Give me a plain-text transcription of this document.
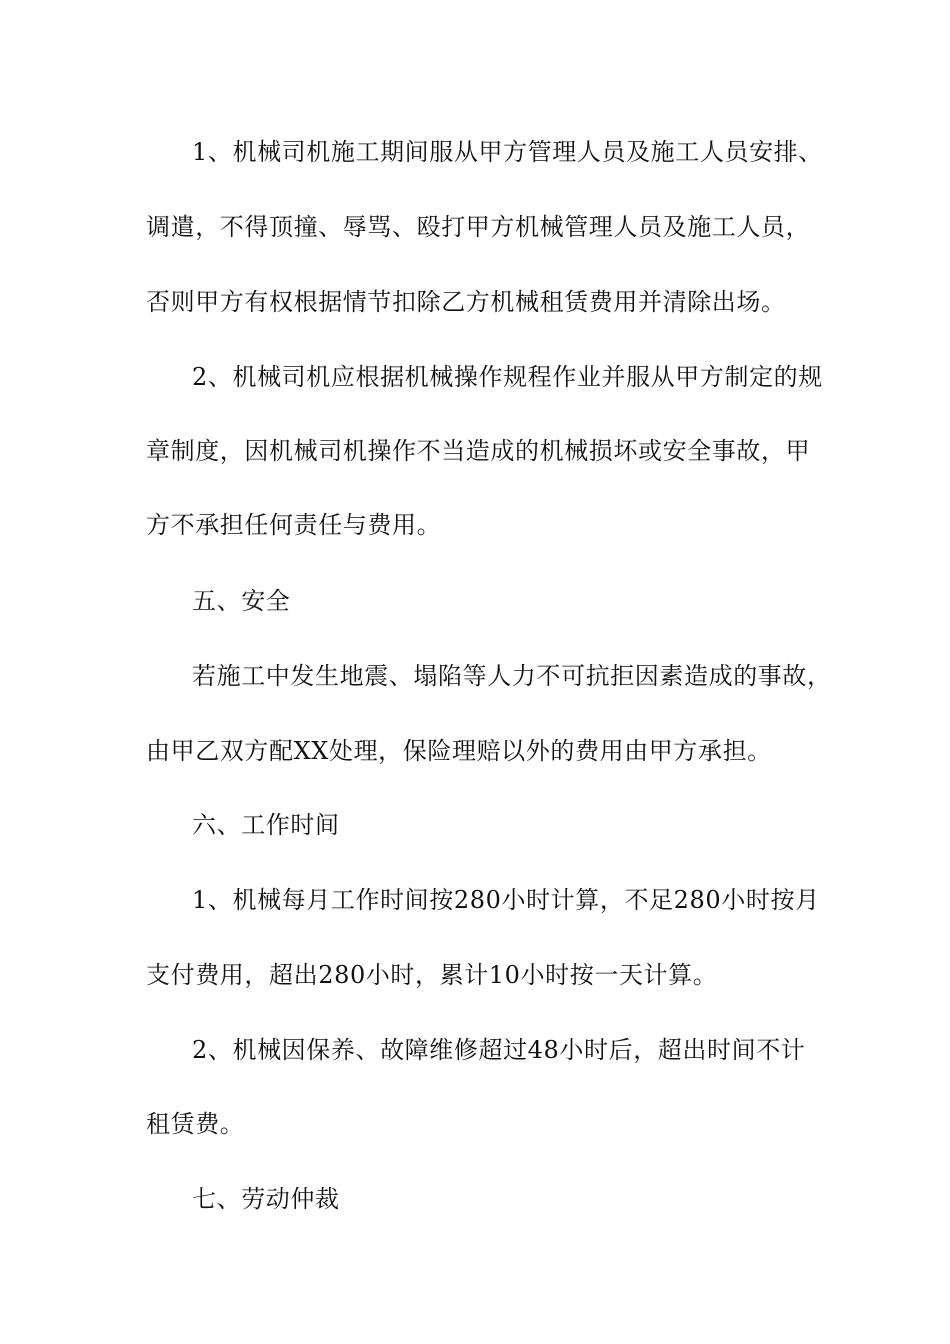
1、机械司机施工期间服从甲方管理人员及施工人员安排、
调遣，不得顶撞、辱骂、殴打甲方机械管理人员及施工人员，
否则甲方有权根据情节扣除乙方机械租赁费用并清除出场。
2、机械司机应根据机械操作规程作业并服从甲方制定的规
章制度，因机械司机操作不当造成的机械损坏或安全事故，甲
方不承担任何责任与费用。
五、安全
若施工中发生地震、塌陷等人力不可抗拒因素造成的事故，
由甲乙双方配XX处理，保险理赔以外的费用由甲方承担。
六、工作时间
1、机械每月工作时间按280小时计算，不足280小时按月
支付费用，超出280小时，累计10小时按一天计算。
2、机械因保养、故障维修超过48小时后，超出时间不计
租赁费。
七、劳动仲裁
